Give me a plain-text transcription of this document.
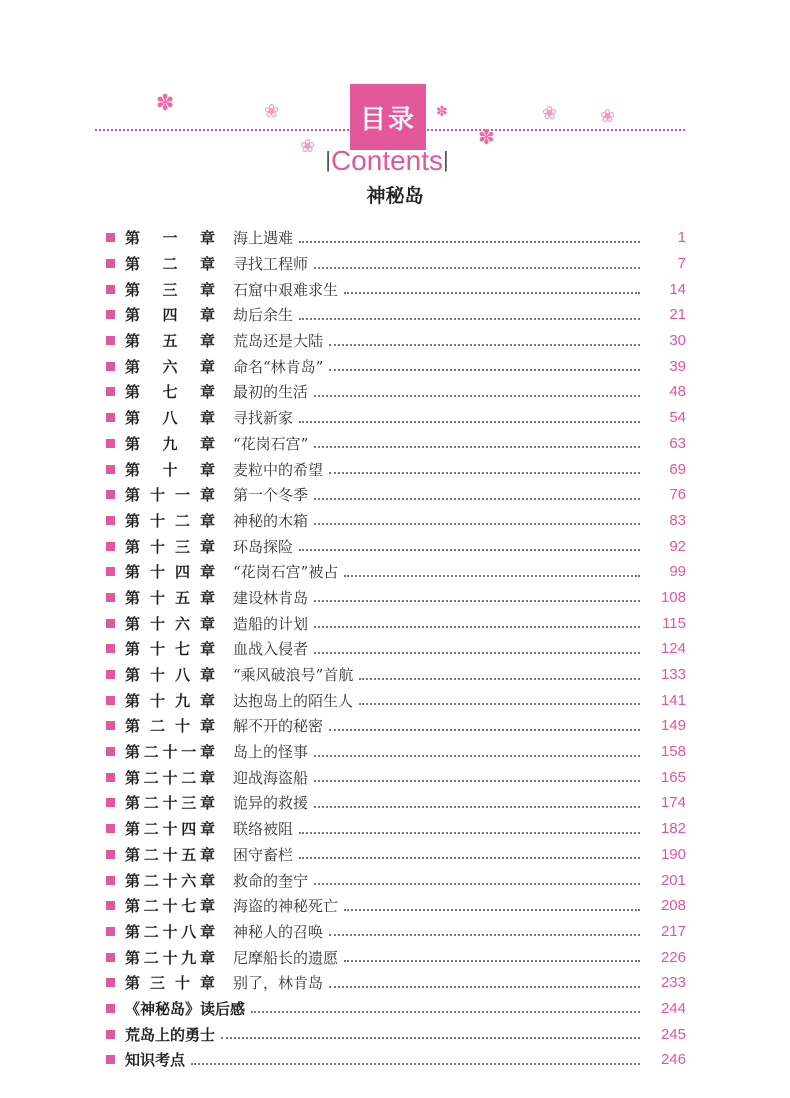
✽	❀
❀
✽
✽
❀ ❀
目录
|Contents|
神秘岛
第 一 章 海上遇难	1
第 二 章 寻找工程师	7
第 三 章 石窟中艰难求生	14
第 四 章 劫后余生	21
第 五 章 荒岛还是大陆	30
第 六 章 命名“林肯岛”	39
第 七 章 最初的生活	48
第 八 章 寻找新家	54
第 九 章 “花岗石宫”	63
第 十 章 麦粒中的希望	69
第 十 一 章 第一个冬季	76
第 十 二 章 神秘的木箱	83
第 十 三 章 环岛探险	92
第 十 四 章 “花岗石宫”被占	99
第 十 五 章 建设林肯岛	108
第 十 六 章 造船的计划	115
第 十 七 章 血战入侵者	124
第 十 八 章 “乘风破浪号”首航	133
第 十 九 章 达抱岛上的陌生人	141
第 二 十 章 解不开的秘密	149
第 二 十 一 章 岛上的怪事	158
第 二 十 二 章 迎战海盗船	165
第 二 十 三 章 诡异的救援	174
第 二 十 四 章 联络被阻	182
第 二 十 五 章 困守畜栏	190
第 二 十 六 章 救命的奎宁	201
第 二 十 七 章 海盗的神秘死亡	208
第 二 十 八 章 神秘人的召唤	217
第 二 十 九 章 尼摩船长的遗愿	226
第 三 十 章 别了，林肯岛	233
《神秘岛》读后感	244
荒岛上的勇士	245
知识考点	246
